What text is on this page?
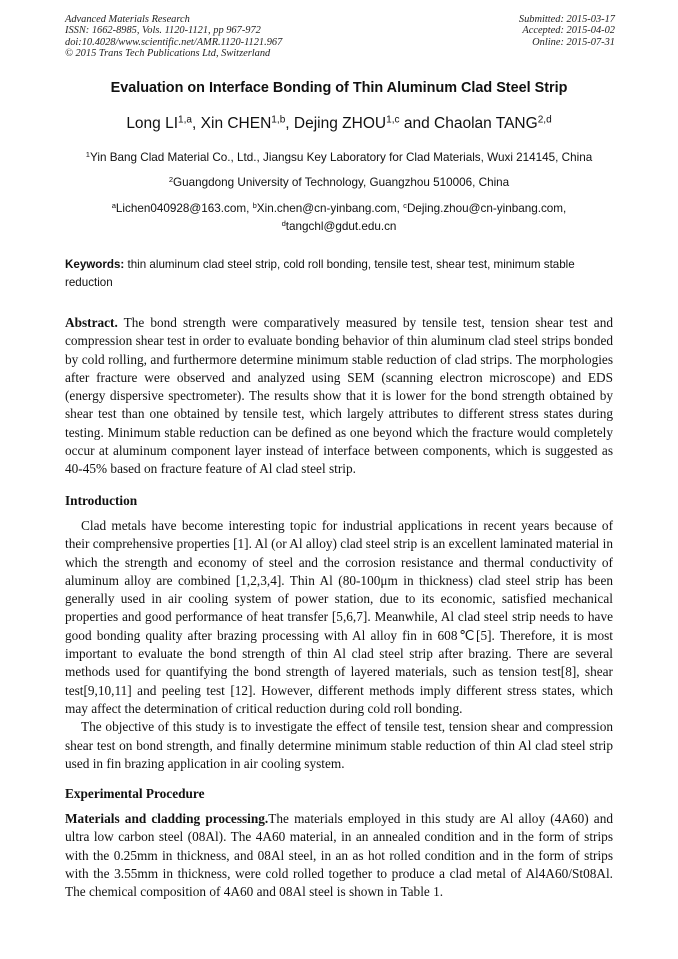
Advanced Materials Research
ISSN: 1662-8985, Vols. 1120-1121, pp 967-972
doi:10.4028/www.scientific.net/AMR.1120-1121.967
© 2015 Trans Tech Publications Ltd, Switzerland
Submitted: 2015-03-17
Accepted: 2015-04-02
Online: 2015-07-31
Evaluation on Interface Bonding of Thin Aluminum Clad Steel Strip
Long LI$^{1,a}$, Xin CHEN$^{1,b}$, Dejing ZHOU$^{1,c}$ and Chaolan TANG$^{2,d}$
$^1$Yin Bang Clad Material Co., Ltd., Jiangsu Key Laboratory for Clad Materials, Wuxi 214145, China
$^2$Guangdong University of Technology, Guangzhou 510006, China
$^a$Lichen040928@163.com, $^b$Xin.chen@cn-yinbang.com, $^c$Dejing.zhou@cn-yinbang.com,
$^d$tangchl@gdut.edu.cn
Keywords: thin aluminum clad steel strip, cold roll bonding, tensile test, shear test, minimum stable reduction
Abstract. The bond strength were comparatively measured by tensile test, tension shear test and compression shear test in order to evaluate bonding behavior of thin aluminum clad steel strips bonded by cold rolling, and furthermore determine minimum stable reduction of clad strips. The morphologies after fracture were observed and analyzed using SEM (scanning electron microscope) and EDS (energy dispersive spectrometer). The results show that it is lower for the bond strength obtained by shear test than one obtained by tensile test, which largely attributes to different stress states during testing. Minimum stable reduction can be defined as one beyond which the fracture would completely occur at aluminum component layer instead of interface between components, which is suggested as 40-45% based on fracture feature of Al clad steel strip.
Introduction

Clad metals have become interesting topic for industrial applications in recent years because of their comprehensive properties [1]. Al (or Al alloy) clad steel strip is an excellent laminated material in which the strength and economy of steel and the corrosion resistance and thermal conductivity of aluminum alloy are combined [1,2,3,4]. Thin Al (80-100μm in thickness) clad steel strip has been generally used in air cooling system of power station, due to its economic, satisfied mechanical properties and good performance of heat transfer [5,6,7]. Meanwhile, Al clad steel strip needs to have good bonding quality after brazing processing with Al alloy fin in 608℃[5]. Therefore, it is most important to evaluate the bond strength of thin Al clad steel strip after brazing. There are several methods used for quantifying the bond strength of layered materials, such as tension test[8], shear test[9,10,11] and peeling test [12]. However, different methods imply different stress states, which may affect the determination of critical reduction during cold roll bonding.

The objective of this study is to investigate the effect of tensile test, tension shear and compression shear test on bond strength, and finally determine minimum stable reduction of thin Al clad steel strip used in fin brazing application in air cooling system.

Experimental Procedure
Materials and cladding processing.The materials employed in this study are Al alloy (4A60) and ultra low carbon steel (08Al). The 4A60 material, in an annealed condition and in the form of strips with the 0.25mm in thickness, and 08Al steel, in an as hot rolled condition and in the form of strips with the 3.55mm in thickness, were cold rolled together to produce a clad metal of Al4A60/St08Al. The chemical composition of 4A60 and 08Al steel is shown in Table 1.
